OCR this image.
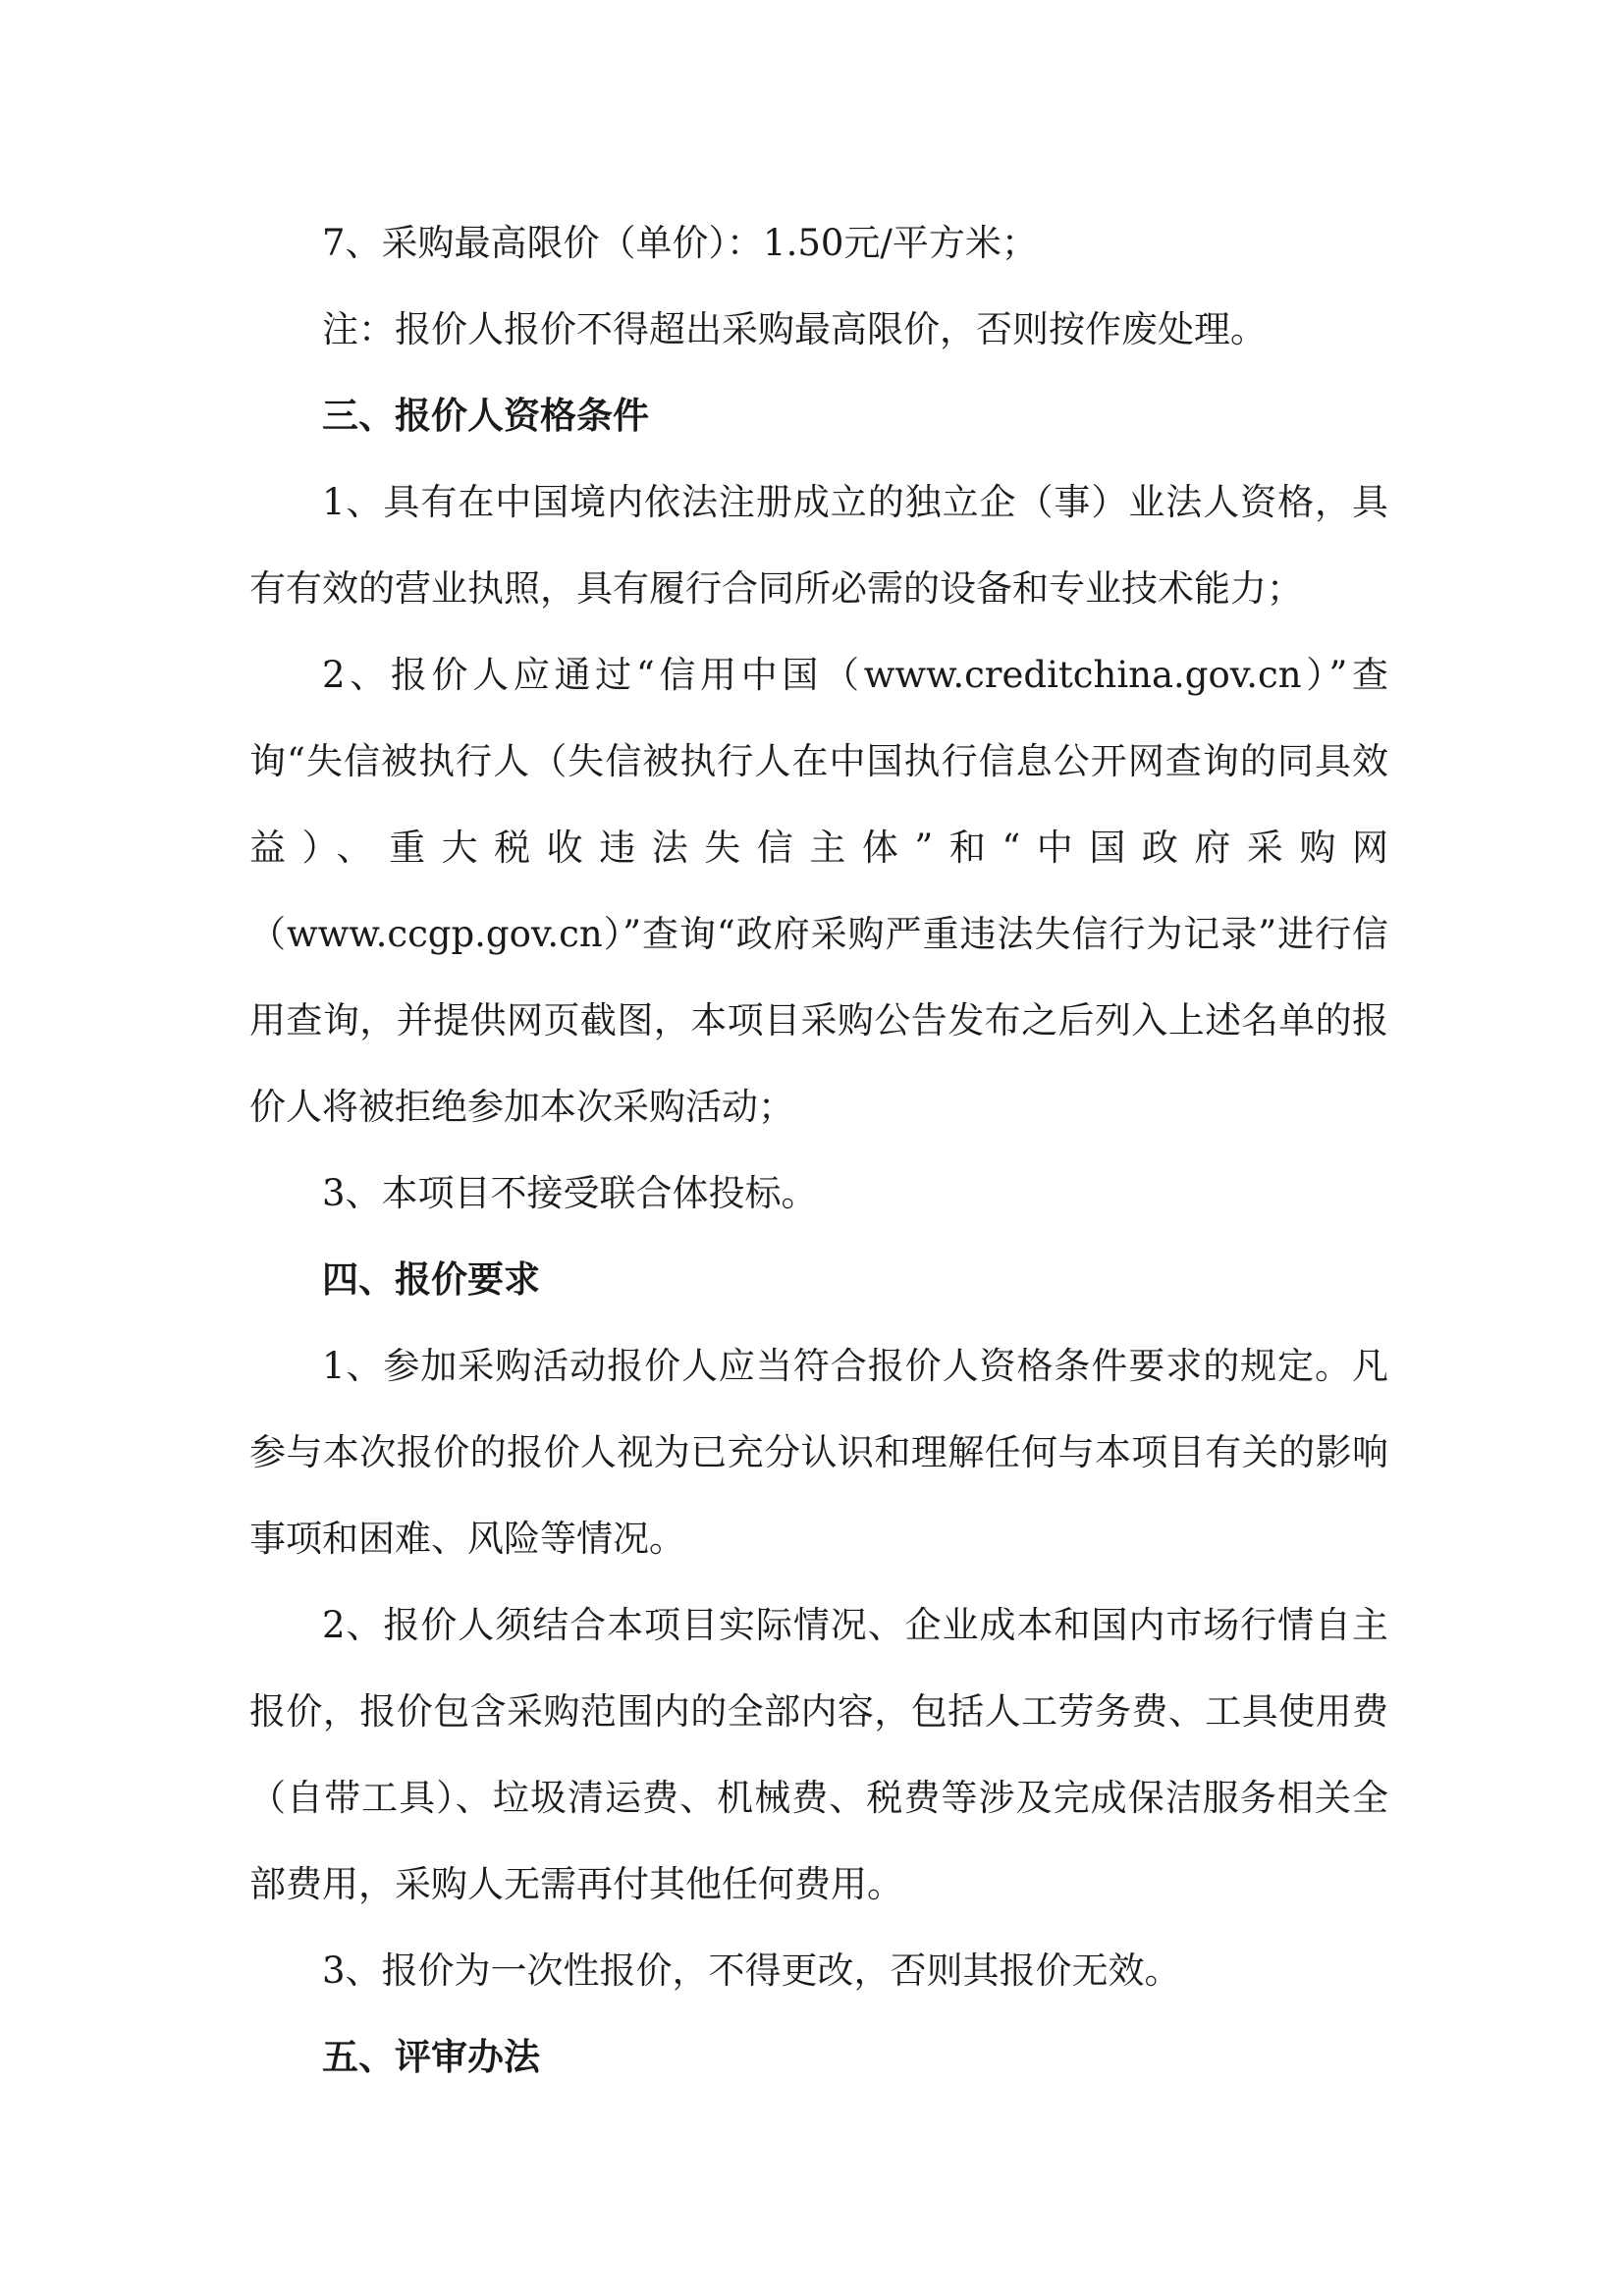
7、采购最高限价（单价）：1.50元/平方米；

注：报价人报价不得超出采购最高限价，否则按作废处理。

三、报价人资格条件

1、具有在中国境内依法注册成立的独立企（事）业法人资格，具有有效的营业执照，具有履行合同所必需的设备和专业技术能力；

2、报价人应通过“信用中国（www.creditchina.gov.cn）”查询“失信被执行人（失信被执行人在中国执行信息公开网查询的同具效益）、重大税收违法失信主体”和“中国政府采购网（www.ccgp.gov.cn）”查询“政府采购严重违法失信行为记录”进行信用查询，并提供网页截图，本项目采购公告发布之后列入上述名单的报价人将被拒绝参加本次采购活动；

3、本项目不接受联合体投标。

四、报价要求

1、参加采购活动报价人应当符合报价人资格条件要求的规定。凡参与本次报价的报价人视为已充分认识和理解任何与本项目有关的影响事项和困难、风险等情况。

2、报价人须结合本项目实际情况、企业成本和国内市场行情自主报价，报价包含采购范围内的全部内容，包括人工劳务费、工具使用费（自带工具）、垃圾清运费、机械费、税费等涉及完成保洁服务相关全部费用，采购人无需再付其他任何费用。

3、报价为一次性报价，不得更改，否则其报价无效。

五、评审办法
